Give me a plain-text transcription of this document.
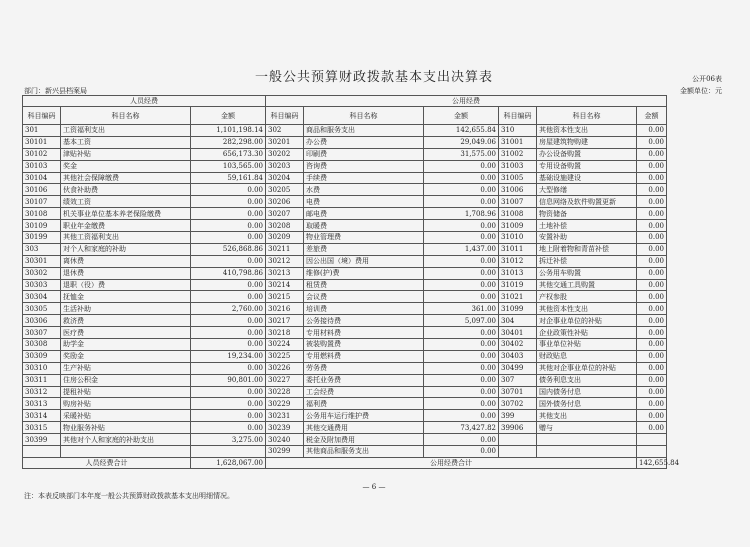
一般公共预算财政拨款基本支出决算表	公开06表
部门：新兴县档案局	金额单位：元
人员经费			公用经费					
科目编码	科目名称	金额	科目编码	科目名称	金额	科目编码	科目名称	金额
301	工资福利支出	1,101,198.14	302	商品和服务支出	142,655.84	310	其他资本性支出	0.00
30101	基本工资	282,298.00	30201	办公费	29,049.06	31001	房屋建筑物购建	0.00
30102	津贴补贴	656,173.30	30202	印刷费	31,575.00	31002	办公设备购置	0.00
30103	奖金	103,565.00	30203	咨询费	0.00	31003	专用设备购置	0.00
30104	其他社会保障缴费	59,161.84	30204	手续费	0.00	31005	基础设施建设	0.00
30106	伙食补助费	0.00	30205	水费	0.00	31006	大型修缮	0.00
30107	绩效工资	0.00	30206	电费	0.00	31007	信息网络及软件购置更新	0.00
30108	机关事业单位基本养老保险缴费	0.00	30207	邮电费	1,708.96	31008	物资储备	0.00
30109	职业年金缴费	0.00	30208	取暖费	0.00	31009	土地补偿	0.00
30199	其他工资福利支出	0.00	30209	物业管理费	0.00	31010	安置补助	0.00
303	对个人和家庭的补助	526,868.86	30211	差旅费	1,437.00	31011	地上附着物和青苗补偿	0.00
30301	离休费	0.00	30212	因公出国（境）费用	0.00	31012	拆迁补偿	0.00
30302	退休费	410,798.86	30213	维修(护)费	0.00	31013	公务用车购置	0.00
30303	退职（役）费	0.00	30214	租赁费	0.00	31019	其他交通工具购置	0.00
30304	抚恤金	0.00	30215	会议费	0.00	31021	产权参股	0.00
30305	生活补助	2,760.00	30216	培训费	361.00	31099	其他资本性支出	0.00
30306	救济费	0.00	30217	公务接待费	5,097.00	304	对企事业单位的补贴	0.00
30307	医疗费	0.00	30218	专用材料费	0.00	30401	企业政策性补贴	0.00
30308	助学金	0.00	30224	被装购置费	0.00	30402	事业单位补贴	0.00
30309	奖励金	19,234.00	30225	专用燃料费	0.00	30403	财政贴息	0.00
30310	生产补贴	0.00	30226	劳务费	0.00	30499	其他对企事业单位的补贴	0.00
30311	住房公积金	90,801.00	30227	委托业务费	0.00	307	债务利息支出	0.00
30312	提租补贴	0.00	30228	工会经费	0.00	30701	国内债务付息	0.00
30313	购房补贴	0.00	30229	福利费	0.00	30702	国外债务付息	0.00
30314	采暖补贴	0.00	30231	公务用车运行维护费	0.00	399	其他支出	0.00
30315	物业服务补贴	0.00	30239	其他交通费用	73,427.82	39906	赠与	0.00
30399	其他对个人和家庭的补助支出	3,275.00	30240	税金及附加费用	0.00			
			30299	其他商品和服务支出	0.00			
人员经费合计		1,628,067.00	公用经费合计					142,655.84
注：本表反映部门本年度一般公共预算财政拨款基本支出明细情况。
— 6 —
